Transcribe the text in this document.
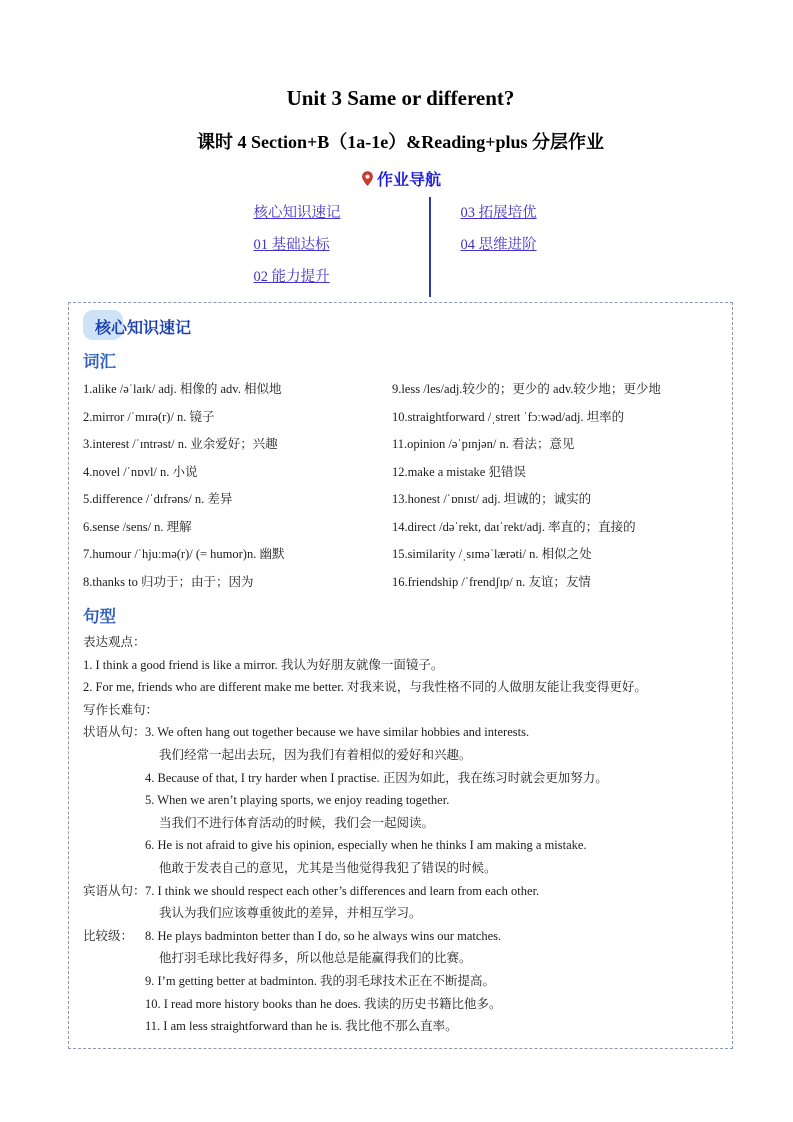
Unit 3 Same or different?
课时 4 Section+B（1a-1e）&Reading+plus 分层作业
作业导航
核心知识速记
01 基础达标
02 能力提升
03 拓展培优
04 思维进阶
核心知识速记
词汇
1.alike /əˈlaɪk/ adj. 相像的 adv. 相似地
2.mirror /ˈmɪrə(r)/ n. 镜子
3.interest /ˈɪntrəst/ n. 业余爱好；兴趣
4.novel /ˈnɒvl/ n. 小说
5.difference /ˈdɪfrəns/ n. 差异
6.sense /sens/ n. 理解
7.humour /ˈhjuːmə(r)/ (= humor)n. 幽默
8.thanks to 归功于；由于；因为
9.less /les/adj.较少的；更少的 adv.较少地；更少地
10.straightforward /ˌstreɪt ˈfɔːwəd/adj. 坦率的
11.opinion /əˈpɪnjən/ n. 看法；意见
12.make a mistake 犯错误
13.honest /ˈɒnɪst/ adj. 坦诚的；诚实的
14.direct /dəˈrekt, daɪˈrekt/adj. 率直的；直接的
15.similarity /ˌsɪməˈlærəti/ n. 相似之处
16.friendship /ˈfrendʃɪp/ n. 友谊；友情
句型
表达观点：
1. I think a good friend is like a mirror. 我认为好朋友就像一面镜子。
2. For me, friends who are different make me better. 对我来说，与我性格不同的人做朋友能让我变得更好。
写作长难句：
状语从句： 3. We often hang out together because we have similar hobbies and interests.
我们经常一起出去玩，因为我们有着相似的爱好和兴趣。
4. Because of that, I try harder when I practise. 正因为如此，我在练习时就会更加努力。
5. When we aren’t playing sports, we enjoy reading together.
当我们不进行体育活动的时候，我们会一起阅读。
6. He is not afraid to give his opinion, especially when he thinks I am making a mistake.
他敢于发表自己的意见，尤其是当他觉得我犯了错误的时候。
宾语从句： 7. I think we should respect each other’s differences and learn from each other.
我认为我们应该尊重彼此的差异，并相互学习。
比较级： 8. He plays badminton better than I do, so he always wins our matches.
他打羽毛球比我好得多，所以他总是能赢得我们的比赛。
9. I’m getting better at badminton. 我的羽毛球技术正在不断提高。
10. I read more history books than he does. 我读的历史书籍比他多。
11. I am less straightforward than he is. 我比他不那么直率。
